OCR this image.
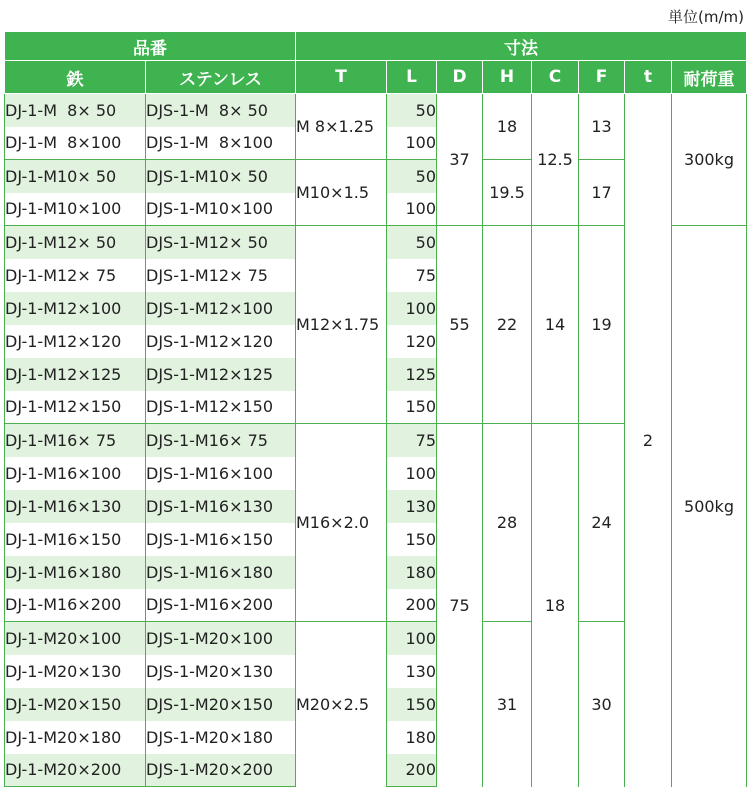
単位(m/m)
品番		寸法							
鉄	ステンレス	T	L	D	H	C	F	t	耐荷重
DJ-1-M  8× 50	DJS-1-M  8× 50	M 8×1.25	50	37	18	12.5	13	2	300kg
DJ-1-M  8×100	DJS-1-M  8×100		100						
DJ-1-M10× 50	DJS-1-M10× 50	M10×1.5	50		19.5		17		
DJ-1-M10×100	DJS-1-M10×100		100						
DJ-1-M12× 50	DJS-1-M12× 50	M12×1.75	50	55	22	14	19		500kg
DJ-1-M12× 75	DJS-1-M12× 75		75						
DJ-1-M12×100	DJS-1-M12×100		100						
DJ-1-M12×120	DJS-1-M12×120		120						
DJ-1-M12×125	DJS-1-M12×125		125						
DJ-1-M12×150	DJS-1-M12×150		150						
DJ-1-M16× 75	DJS-1-M16× 75	M16×2.0	75	75	28	18	24		
DJ-1-M16×100	DJS-1-M16×100		100						
DJ-1-M16×130	DJS-1-M16×130		130						
DJ-1-M16×150	DJS-1-M16×150		150						
DJ-1-M16×180	DJS-1-M16×180		180						
DJ-1-M16×200	DJS-1-M16×200		200						
DJ-1-M20×100	DJS-1-M20×100	M20×2.5	100		31		30		
DJ-1-M20×130	DJS-1-M20×130		130						
DJ-1-M20×150	DJS-1-M20×150		150						
DJ-1-M20×180	DJS-1-M20×180		180						
DJ-1-M20×200	DJS-1-M20×200		200						
